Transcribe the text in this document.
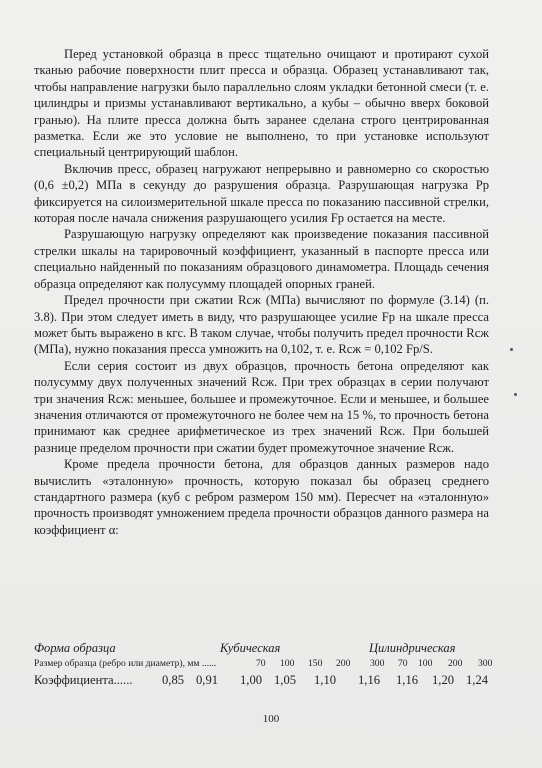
Перед установкой образца в пресс тщательно очищают и протирают сухой тканью рабочие поверхности плит пресса и образца. Образец устанавливают так, чтобы направление нагрузки было параллельно слоям укладки бетонной смеси (т. е. цилиндры и призмы устанавливают вертикально, а кубы – обычно вверх боковой гранью). На плите пресса должна быть заранее сделана строго центрированная разметка. Если же это условие не выполнено, то при установке используют специальный центрирующий шаблон.

Включив пресс, образец нагружают непрерывно и равномерно со скоростью (0,6 ±0,2) МПа в секунду до разрушения образца. Разрушающая нагрузка Pр фиксируется на силоизмерительной шкале пресса по показанию пассивной стрелки, которая после начала снижения разрушающего усилия Fр остается на месте.

Разрушающую нагрузку определяют как произведение показания пассивной стрелки шкалы на тарировочный коэффициент, указанный в паспорте пресса или специально найденный по показаниям образцового динамометра. Площадь сечения образца определяют как полусумму площадей опорных граней.

Предел прочности при сжатии Rсж (МПа) вычисляют по формуле (3.14) (п. 3.8). При этом следует иметь в виду, что разрушающее усилие Fр на шкале пресса может быть выражено в кгс. В таком случае, чтобы получить предел прочности Rсж (МПа), нужно показания пресса умножить на 0,102, т. е. Rсж = 0,102 Fр/S.

Если серия состоит из двух образцов, прочность бетона определяют как полусумму двух полученных значений Rсж. При трех образцах в серии получают три значения Rсж: меньшее, большее и промежуточное. Если и меньшее, и большее значения отличаются от промежуточного не более чем на 15 %, то прочность бетона принимают как среднее арифметическое из трех значений Rсж. При большей разнице пределом прочности при сжатии будет промежуточное значение Rсж.

Кроме предела прочности бетона, для образцов данных размеров надо вычислить «эталонную» прочность, которую показал бы образец среднего стандартного размера (куб с ребром размером 150 мм). Пересчет на «эталонную» прочность производят умножением предела прочности образцов данного размера на коэффициент α:

Форма образца	Кубическая	Цилиндрическая
Размер образца (ребро или диаметр), мм ......	70 100 150 200 300 70 100 200 300
Коэффициента...... 0,85 0,91 1,00 1,05 1,10 1,16 1,16 1,20 1,24
100
